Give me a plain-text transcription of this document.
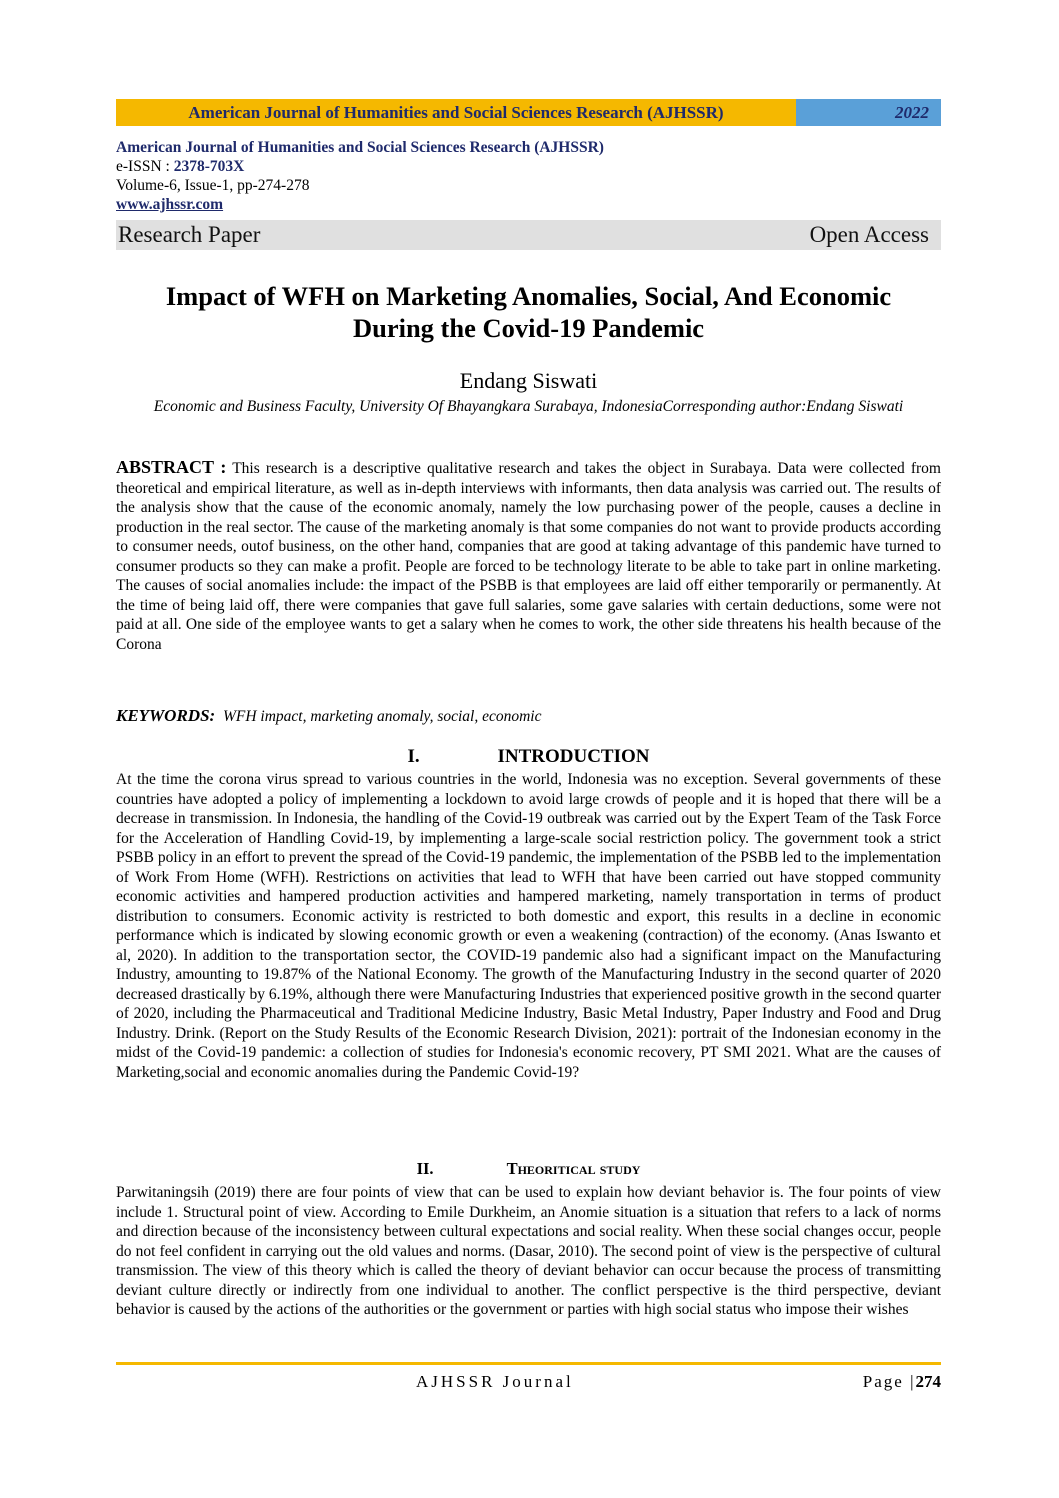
American Journal of Humanities and Social Sciences Research (AJHSSR)	2022
American Journal of Humanities and Social Sciences Research (AJHSSR)
e-ISSN : 2378-703X
Volume-6, Issue-1, pp-274-278
www.ajhssr.com
Research Paper	Open Access
Impact of WFH on Marketing Anomalies, Social, And Economic
During the Covid-19 Pandemic
Endang Siswati
Economic and Business Faculty, University Of Bhayangkara Surabaya, IndonesiaCorresponding author:Endang Siswati
ABSTRACT : This research is a descriptive qualitative research and takes the object in Surabaya. Data were collected from theoretical and empirical literature, as well as in-depth interviews with informants, then data analysis was carried out. The results of the analysis show that the cause of the economic anomaly, namely the low purchasing power of the people, causes a decline in production in the real sector. The cause of the marketing anomaly is that some companies do not want to provide products according to consumer needs, outof business, on the other hand, companies that are good at taking advantage of this pandemic have turned to consumer products so they can make a profit. People are forced to be technology literate to be able to take part in online marketing. The causes of social anomalies include: the impact of the PSBB is that employees are laid off either temporarily or permanently. At the time of being laid off, there were companies that gave full salaries, some gave salaries with certain deductions, some were not paid at all. One side of the employee wants to get a salary when he comes to work, the other side threatens his health because of the Corona
KEYWORDS: WFH impact, marketing anomaly, social, economic
I.	INTRODUCTION
At the time the corona virus spread to various countries in the world, Indonesia was no exception. Several governments of these countries have adopted a policy of implementing a lockdown to avoid large crowds of people and it is hoped that there will be a decrease in transmission. In Indonesia, the handling of the Covid-19 outbreak was carried out by the Expert Team of the Task Force for the Acceleration of Handling Covid-19, by implementing a large-scale social restriction policy. The government took a strict PSBB policy in an effort to prevent the spread of the Covid-19 pandemic, the implementation of the PSBB led to the implementation of Work From Home (WFH). Restrictions on activities that lead to WFH that have been carried out have stopped community economic activities and hampered production activities and hampered marketing, namely transportation in terms of product distribution to consumers. Economic activity is restricted to both domestic and export, this results in a decline in economic performance which is indicated by slowing economic growth or even a weakening (contraction) of the economy. (Anas Iswanto et al, 2020). In addition to the transportation sector, the COVID-19 pandemic also had a significant impact on the Manufacturing Industry, amounting to 19.87% of the National Economy. The growth of the Manufacturing Industry in the second quarter of 2020 decreased drastically by 6.19%, although there were Manufacturing Industries that experienced positive growth in the second quarter of 2020, including the Pharmaceutical and Traditional Medicine Industry, Basic Metal Industry, Paper Industry and Food and Drug Industry. Drink. (Report on the Study Results of the Economic Research Division, 2021): portrait of the Indonesian economy in the midst of the Covid-19 pandemic: a collection of studies for Indonesia's economic recovery, PT SMI 2021. What are the causes of Marketing,social and economic anomalies during the Pandemic Covid-19?
II.	Theoritical study
Parwitaningsih (2019) there are four points of view that can be used to explain how deviant behavior is. The four points of view include 1. Structural point of view. According to Emile Durkheim, an Anomie situation is a situation that refers to a lack of norms and direction because of the inconsistency between cultural expectations and social reality. When these social changes occur, people do not feel confident in carrying out the old values and norms. (Dasar, 2010). The second point of view is the perspective of cultural transmission. The view of this theory which is called the theory of deviant behavior can occur because the process of transmitting deviant culture directly or indirectly from one individual to another. The conflict perspective is the third perspective, deviant behavior is caused by the actions of the authorities or the government or parties with high social status who impose their wishes
AJHSSR Journal	Page |274
